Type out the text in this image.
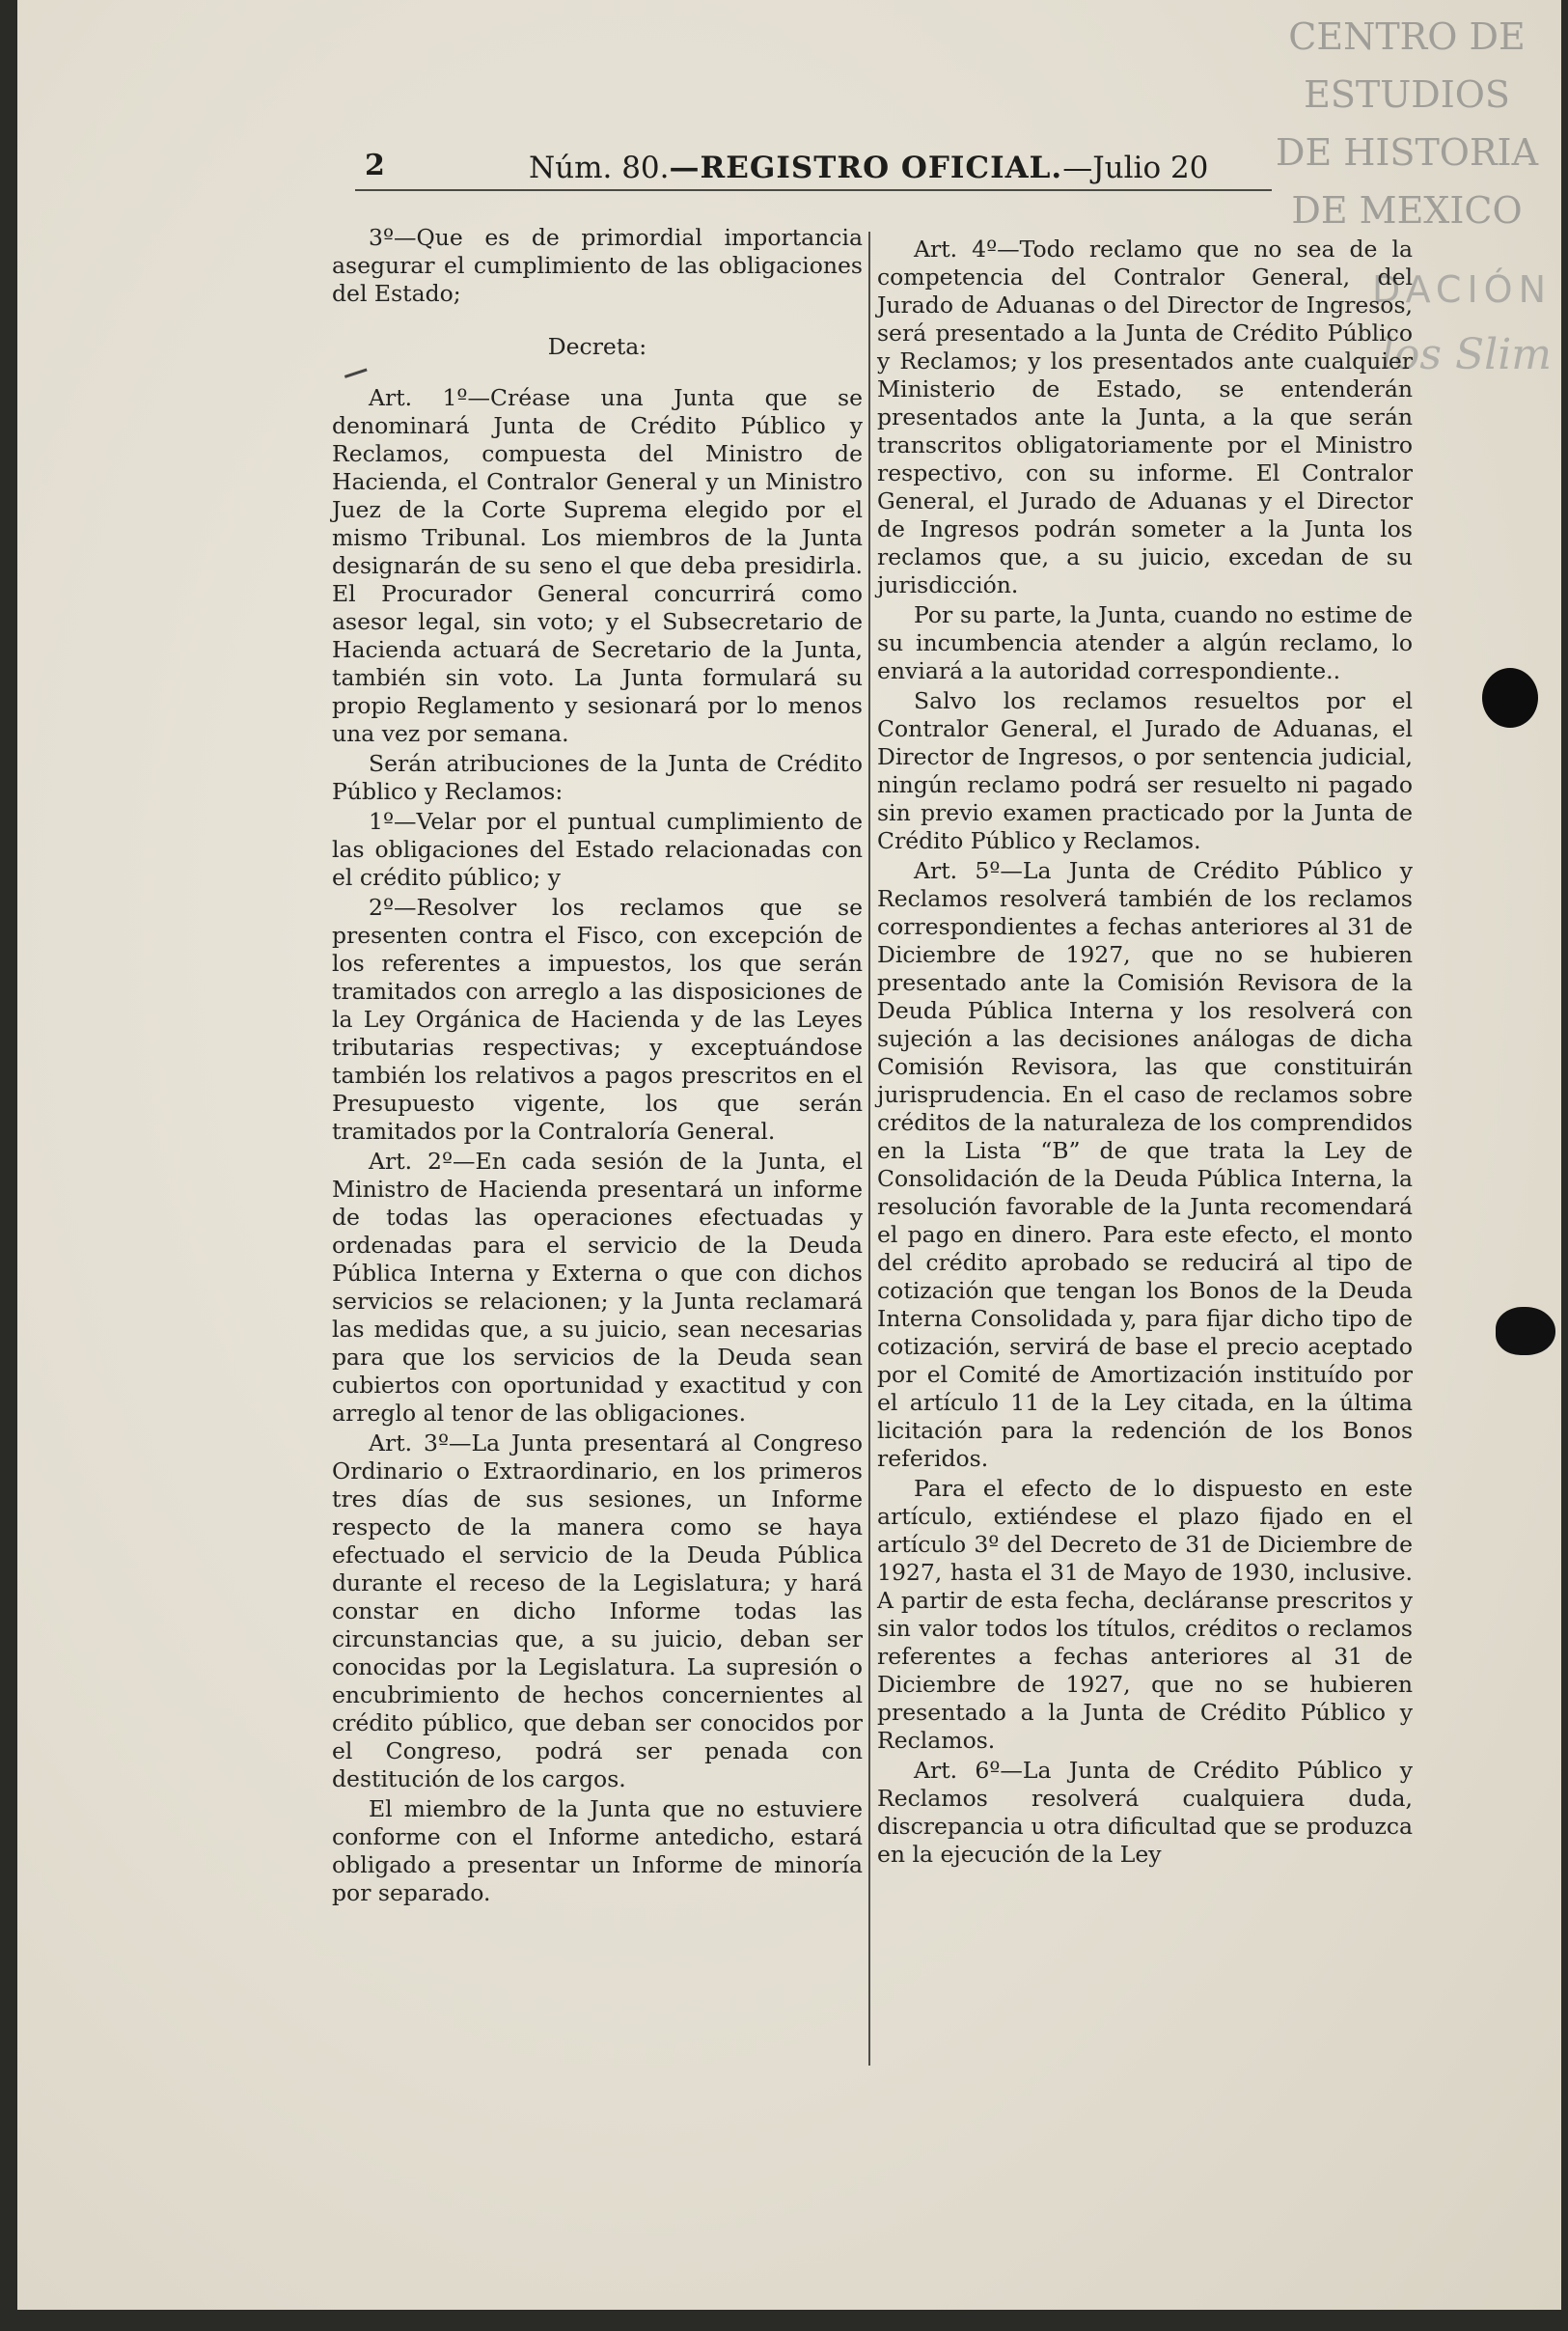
CENTRO DE
ESTUDIOS
DE HISTORIA
DE MEXICO
DACIÓN
los Slim
2	Núm. 80.—REGISTRO OFICIAL.—Julio 20

3º—Que es de primordial importancia asegurar el cumplimiento de las obligaciones del Estado;

Decreta:

Art. 1º—Créase una Junta que se denominará Junta de Crédito Público y Reclamos, compuesta del Ministro de Hacienda, el Contralor General y un Ministro Juez de la Corte Suprema elegido por el mismo Tribunal. Los miembros de la Junta designarán de su seno el que deba presidirla. El Procurador General concurrirá como asesor legal, sin voto; y el Subsecretario de Hacienda actuará de Secretario de la Junta, también sin voto. La Junta formulará su propio Reglamento y sesionará por lo menos una vez por semana.

Serán atribuciones de la Junta de Crédito Público y Reclamos:

1º—Velar por el puntual cumplimiento de las obligaciones del Estado relacionadas con el crédito público; y

2º—Resolver los reclamos que se presenten contra el Fisco, con excepción de los referentes a impuestos, los que serán tramitados con arreglo a las disposiciones de la Ley Orgánica de Hacienda y de las Leyes tributarias respectivas; y exceptuándose también los relativos a pagos prescritos en el Presupuesto vigente, los que serán tramitados por la Contraloría General.

Art. 2º—En cada sesión de la Junta, el Ministro de Hacienda presentará un informe de todas las operaciones efectuadas y ordenadas para el servicio de la Deuda Pública Interna y Externa o que con dichos servicios se relacionen; y la Junta reclamará las medidas que, a su juicio, sean necesarias para que los servicios de la Deuda sean cubiertos con oportunidad y exactitud y con arreglo al tenor de las obligaciones.

Art. 3º—La Junta presentará al Congreso Ordinario o Extraordinario, en los primeros tres días de sus sesiones, un Informe respecto de la manera como se haya efectuado el servicio de la Deuda Pública durante el receso de la Legislatura; y hará constar en dicho Informe todas las circunstancias que, a su juicio, deban ser conocidas por la Legislatura. La supresión o encubrimiento de hechos concernientes al crédito público, que deban ser conocidos por el Congreso, podrá ser penada con destitución de los cargos.

El miembro de la Junta que no estuviere conforme con el Informe antedicho, estará obligado a presentar un Informe de minoría por separado.

Art. 4º—Todo reclamo que no sea de la competencia del Contralor General, del Jurado de Aduanas o del Director de Ingresos, será presentado a la Junta de Crédito Público y Reclamos; y los presentados ante cualquier Ministerio de Estado, se entenderán presentados ante la Junta, a la que serán transcritos obligatoriamente por el Ministro respectivo, con su informe. El Contralor General, el Jurado de Aduanas y el Director de Ingresos podrán someter a la Junta los reclamos que, a su juicio, excedan de su jurisdicción.

Por su parte, la Junta, cuando no estime de su incumbencia atender a algún reclamo, lo enviará a la autoridad correspondiente..

Salvo los reclamos resueltos por el Contralor General, el Jurado de Aduanas, el Director de Ingresos, o por sentencia judicial, ningún reclamo podrá ser resuelto ni pagado sin previo examen practicado por la Junta de Crédito Público y Reclamos.

Art. 5º—La Junta de Crédito Público y Reclamos resolverá también de los reclamos correspondientes a fechas anteriores al 31 de Diciembre de 1927, que no se hubieren presentado ante la Comisión Revisora de la Deuda Pública Interna y los resolverá con sujeción a las decisiones análogas de dicha Comisión Revisora, las que constituirán jurisprudencia. En el caso de reclamos sobre créditos de la naturaleza de los comprendidos en la Lista “B” de que trata la Ley de Consolidación de la Deuda Pública Interna, la resolución favorable de la Junta recomendará el pago en dinero. Para este efecto, el monto del crédito aprobado se reducirá al tipo de cotización que tengan los Bonos de la Deuda Interna Consolidada y, para fijar dicho tipo de cotización, servirá de base el precio aceptado por el Comité de Amortización instituído por el artículo 11 de la Ley citada, en la última licitación para la redención de los Bonos referidos.

Para el efecto de lo dispuesto en este artículo, extiéndese el plazo fijado en el artículo 3º del Decreto de 31 de Diciembre de 1927, hasta el 31 de Mayo de 1930, inclusive. A partir de esta fecha, decláranse prescritos y sin valor todos los títulos, créditos o reclamos referentes a fechas anteriores al 31 de Diciembre de 1927, que no se hubieren presentado a la Junta de Crédito Público y Reclamos.

Art. 6º—La Junta de Crédito Público y Reclamos resolverá cualquiera duda, discrepancia u otra dificultad que se produzca en la ejecución de la Ley
